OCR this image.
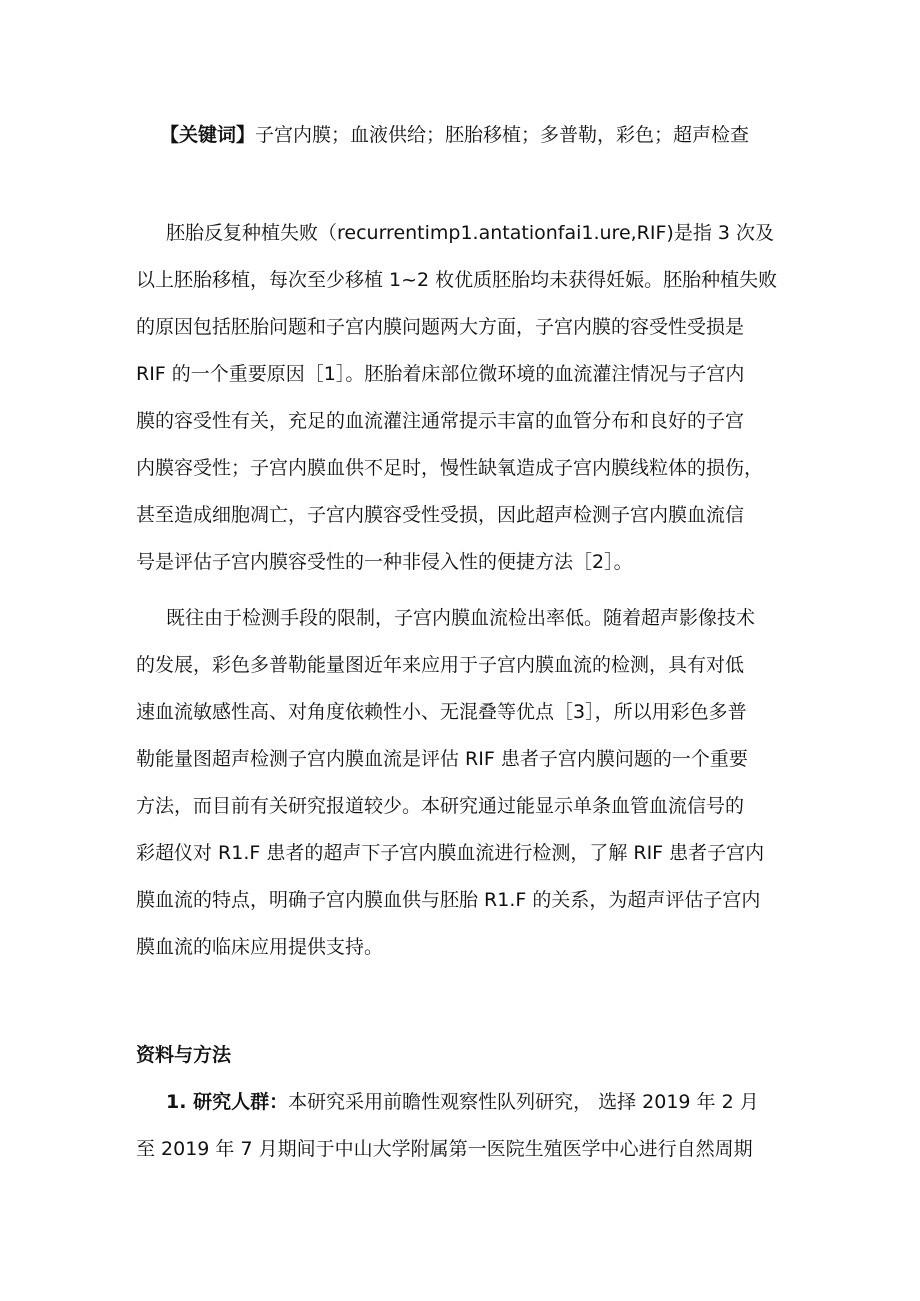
【关键词】子宫内膜；血液供给；胚胎移植；多普勒，彩色；超声检查
胚胎反复种植失败（recurrentimp1.antationfai1.ure,RIF)是指 3 次及
以上胚胎移植，每次至少移植 1~2 枚优质胚胎均未获得妊娠。胚胎种植失败
的原因包括胚胎问题和子宫内膜问题两大方面，子宫内膜的容受性受损是
RIF 的一个重要原因［1］。胚胎着床部位微环境的血流灌注情况与子宫内
膜的容受性有关，充足的血流灌注通常提示丰富的血管分布和良好的子宫
内膜容受性；子宫内膜血供不足时，慢性缺氧造成子宫内膜线粒体的损伤，
甚至造成细胞凋亡，子宫内膜容受性受损，因此超声检测子宫内膜血流信
号是评估子宫内膜容受性的一种非侵入性的便捷方法［2］。
既往由于检测手段的限制，子宫内膜血流检出率低。随着超声影像技术
的发展，彩色多普勒能量图近年来应用于子宫内膜血流的检测，具有对低
速血流敏感性高、对角度依赖性小、无混叠等优点［3］，所以用彩色多普
勒能量图超声检测子宫内膜血流是评估 RIF 患者子宫内膜问题的一个重要
方法，而目前有关研究报道较少。本研究通过能显示单条血管血流信号的
彩超仪对 R1.F 患者的超声下子宫内膜血流进行检测，了解 RIF 患者子宫内
膜血流的特点，明确子宫内膜血供与胚胎 R1.F 的关系，为超声评估子宫内
膜血流的临床应用提供支持。
资料与方法
1. 研究人群：本研究采用前瞻性观察性队列研究， 选择 2019 年 2 月
至 2019 年 7 月期间于中山大学附属第一医院生殖医学中心进行自然周期
